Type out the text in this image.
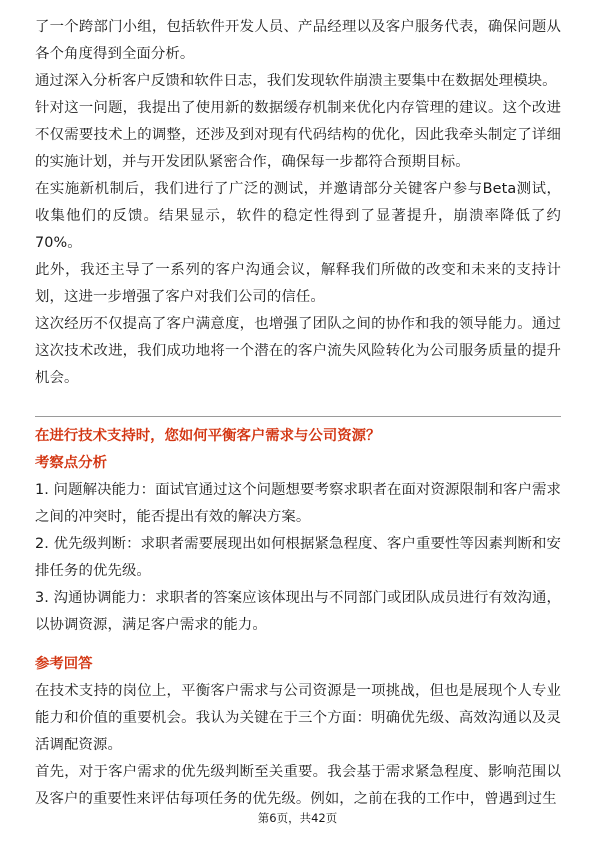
了一个跨部门小组，包括软件开发人员、产品经理以及客户服务代表，确保问题从各个角度得到全面分析。

通过深入分析客户反馈和软件日志，我们发现软件崩溃主要集中在数据处理模块。

针对这一问题，我提出了使用新的数据缓存机制来优化内存管理的建议。这个改进不仅需要技术上的调整，还涉及到对现有代码结构的优化，因此我牵头制定了详细的实施计划，并与开发团队紧密合作，确保每一步都符合预期目标。

在实施新机制后，我们进行了广泛的测试，并邀请部分关键客户参与Beta测试，收集他们的反馈。结果显示，软件的稳定性得到了显著提升，崩溃率降低了约70%。

此外，我还主导了一系列的客户沟通会议，解释我们所做的改变和未来的支持计划，这进一步增强了客户对我们公司的信任。

这次经历不仅提高了客户满意度，也增强了团队之间的协作和我的领导能力。通过这次技术改进，我们成功地将一个潜在的客户流失风险转化为公司服务质量的提升机会。

在进行技术支持时，您如何平衡客户需求与公司资源？

考察点分析

1. 问题解决能力：面试官通过这个问题想要考察求职者在面对资源限制和客户需求之间的冲突时，能否提出有效的解决方案。

2. 优先级判断：求职者需要展现出如何根据紧急程度、客户重要性等因素判断和安排任务的优先级。

3. 沟通协调能力：求职者的答案应该体现出与不同部门或团队成员进行有效沟通，以协调资源，满足客户需求的能力。

参考回答

在技术支持的岗位上，平衡客户需求与公司资源是一项挑战，但也是展现个人专业能力和价值的重要机会。我认为关键在于三个方面：明确优先级、高效沟通以及灵活调配资源。

首先，对于客户需求的优先级判断至关重要。我会基于需求紧急程度、影响范围以及客户的重要性来评估每项任务的优先级。例如，之前在我的工作中，曾遇到过生

第6页，共42页
